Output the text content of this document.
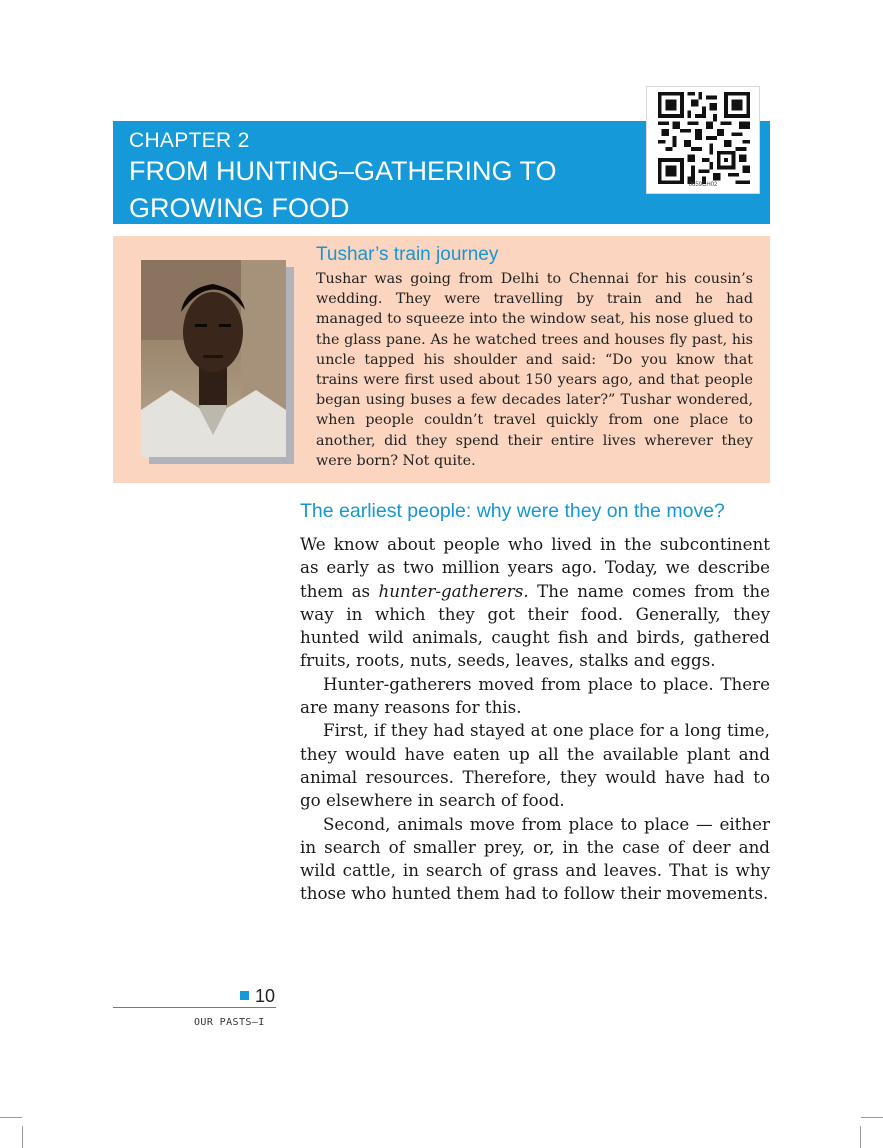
CHAPTER 2
FROM HUNTING–GATHERING TO GROWING FOOD
0659CH02
Tushar’s train journey
Tushar was going from Delhi to Chennai for his cousin’s wedding. They were travelling by train and he had managed to squeeze into the window seat, his nose glued to the glass pane. As he watched trees and houses fly past, his uncle tapped his shoulder and said: “Do you know that trains were first used about 150 years ago, and that people began using buses a few decades later?” Tushar wondered, when people couldn’t travel quickly from one place to another, did they spend their entire lives wherever they were born? Not quite.
The earliest people: why were they on the move?

We know about people who lived in the subcontinent as early as two million years ago. Today, we describe them as hunter-gatherers. The name comes from the way in which they got their food. Generally, they hunted wild animals, caught fish and birds, gathered fruits, roots, nuts, seeds, leaves, stalks and eggs.

Hunter-gatherers moved from place to place. There are many reasons for this.

First, if they had stayed at one place for a long time, they would have eaten up all the available plant and animal resources. Therefore, they would have had to go elsewhere in search of food.

Second, animals move from place to place — either in search of smaller prey, or, in the case of deer and wild cattle, in search of grass and leaves. That is why those who hunted them had to follow their movements.

10
OUR PASTS–I
